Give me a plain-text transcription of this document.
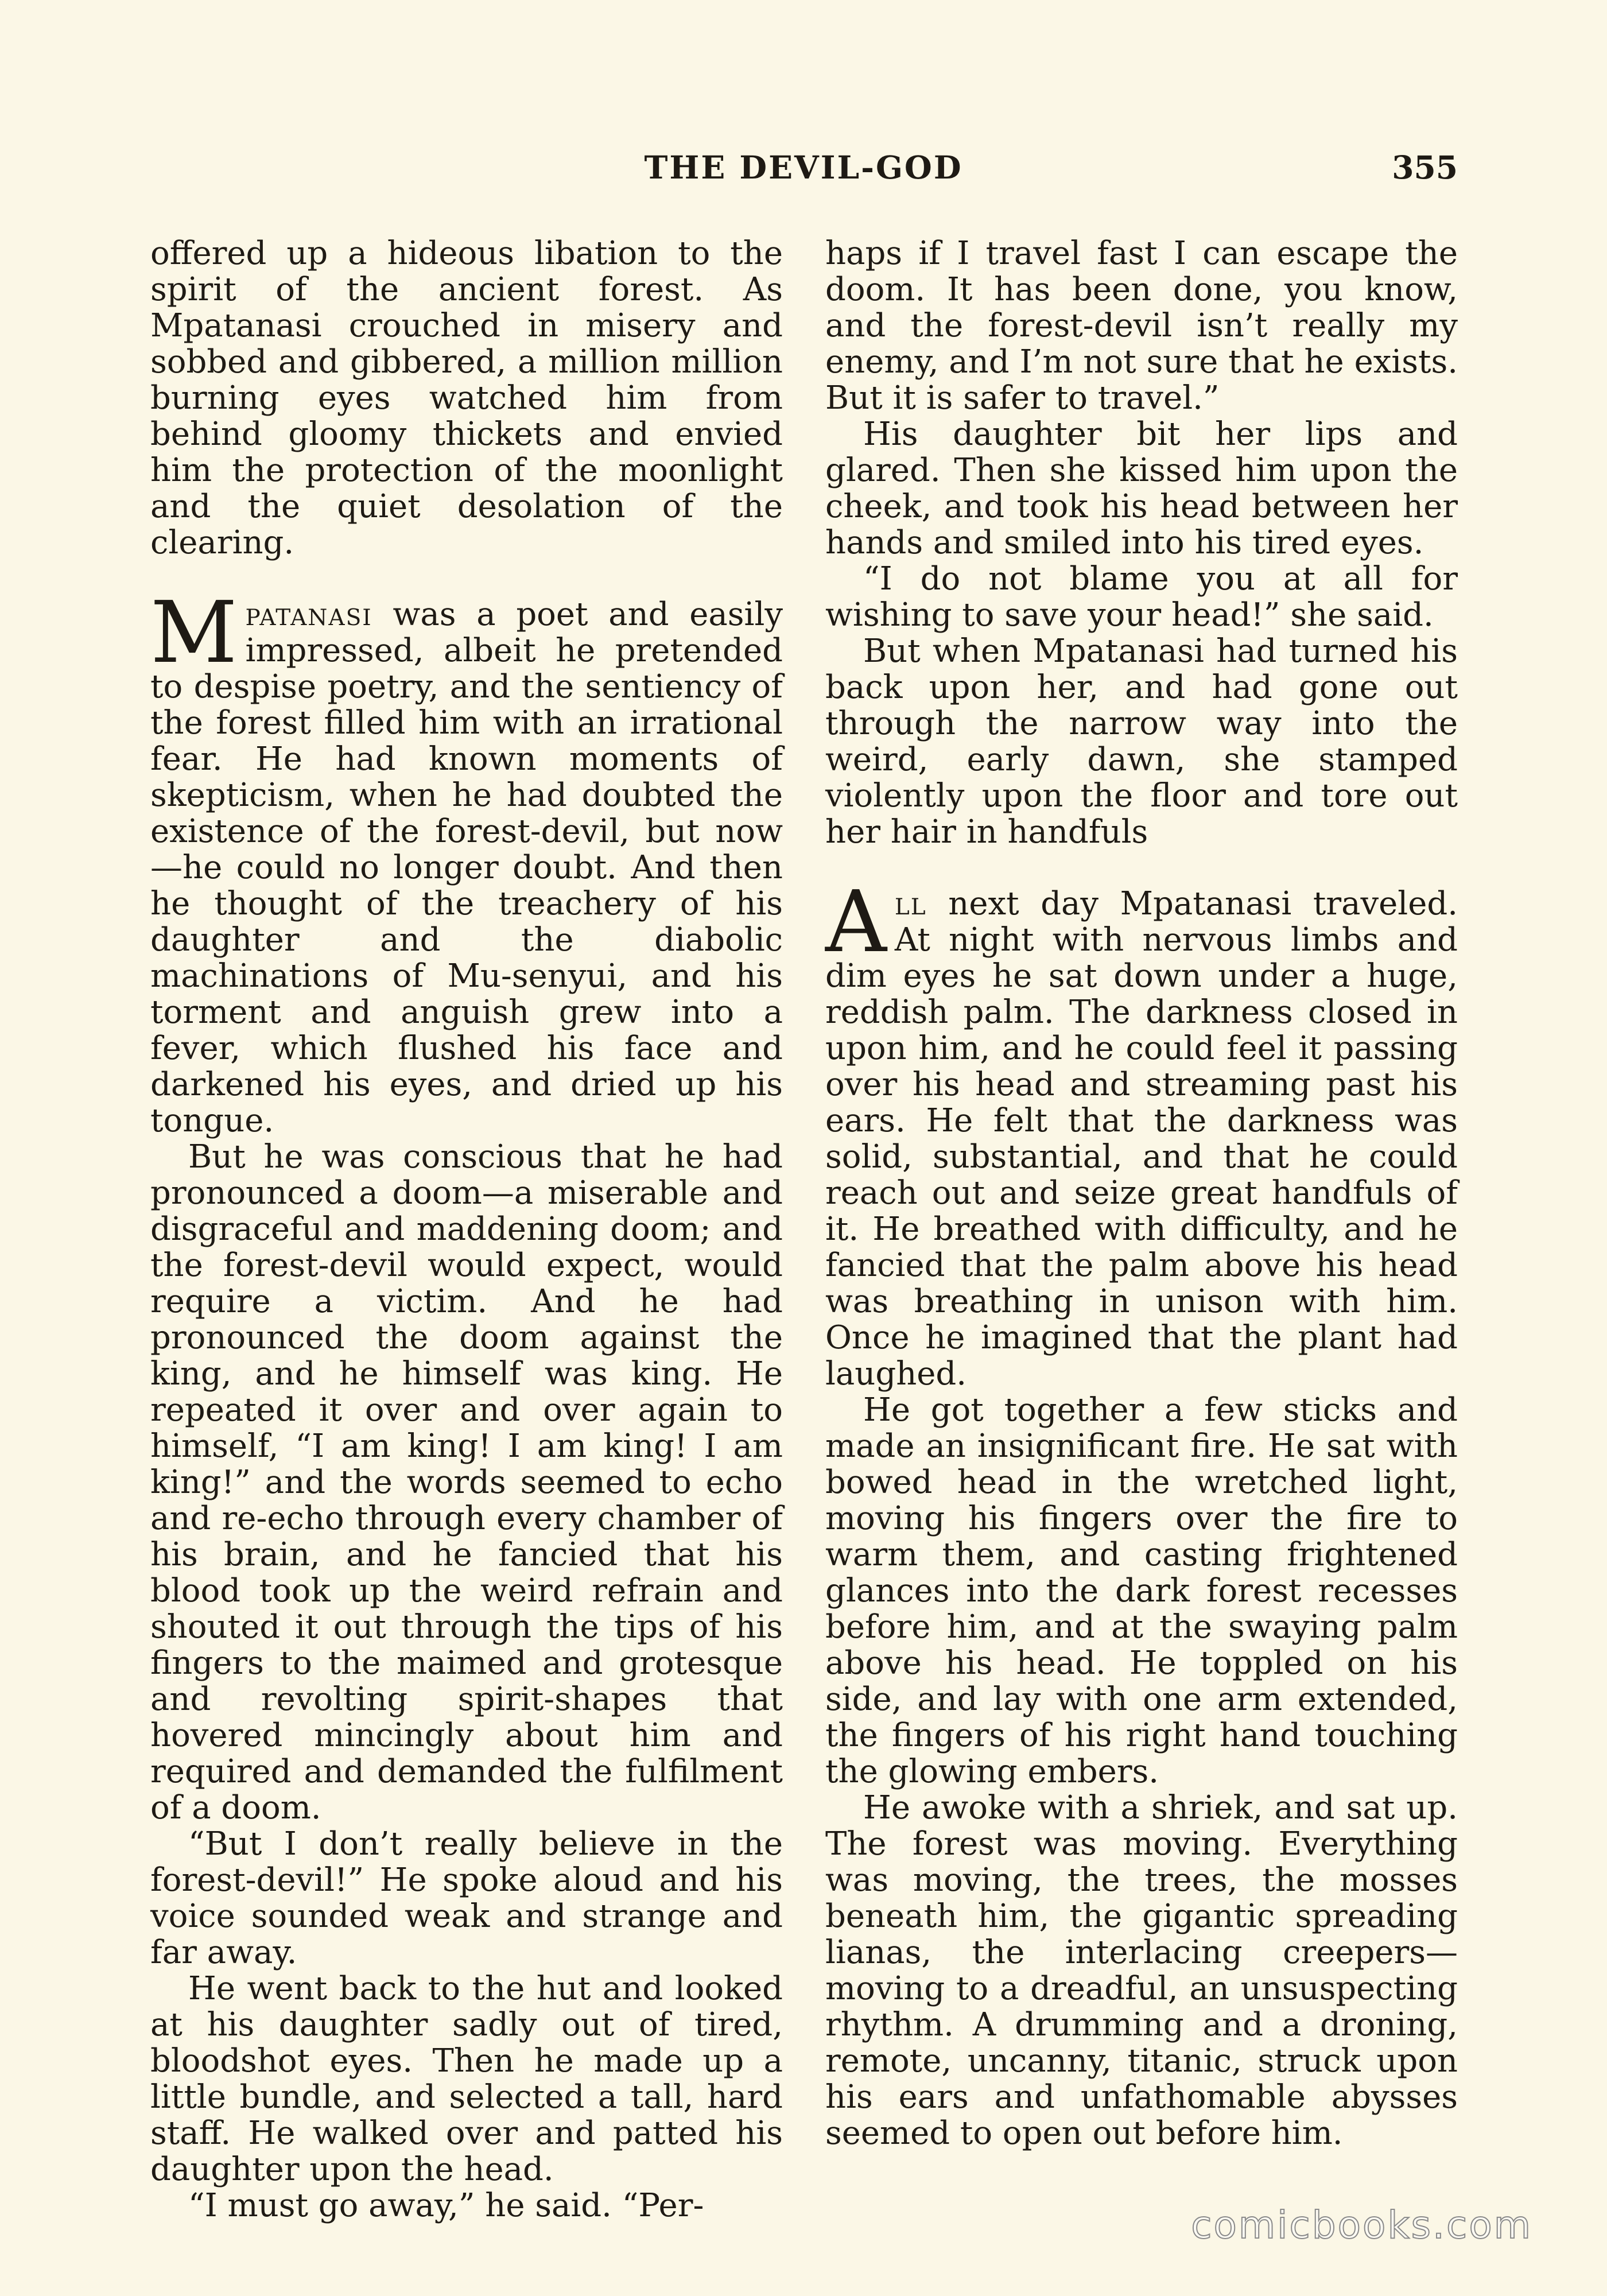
THE DEVIL-GOD	355

offered up a hideous libation to the spirit of the ancient forest. As Mpatanasi crouched in misery and sobbed and gibbered, a million million burning eyes watched him from behind gloomy thickets and envied him the protection of the moonlight and the quiet desolation of the clearing.

Mpatanasi was a poet and easily impressed, albeit he pretended to despise poetry, and the sentiency of the forest filled him with an irrational fear. He had known moments of skepticism, when he had doubted the existence of the forest-devil, but now—he could no longer doubt. And then he thought of the treachery of his daughter and the diabolic machinations of Mu-senyui, and his torment and anguish grew into a fever, which flushed his face and darkened his eyes, and dried up his tongue.

But he was conscious that he had pronounced a doom—a miserable and disgraceful and maddening doom; and the forest-devil would expect, would require a victim. And he had pronounced the doom against the king, and he himself was king. He repeated it over and over again to himself, “I am king! I am king! I am king!” and the words seemed to echo and re-echo through every chamber of his brain, and he fancied that his blood took up the weird refrain and shouted it out through the tips of his fingers to the maimed and grotesque and revolting spirit-shapes that hovered mincingly about him and required and demanded the fulfilment of a doom.

“But I don’t really believe in the forest-devil!” He spoke aloud and his voice sounded weak and strange and far away.

He went back to the hut and looked at his daughter sadly out of tired, bloodshot eyes. Then he made up a little bundle, and selected a tall, hard staff. He walked over and patted his daughter upon the head.

“I must go away,” he said. “Per-

haps if I travel fast I can escape the doom. It has been done, you know, and the forest-devil isn’t really my enemy, and I’m not sure that he exists. But it is safer to travel.”

His daughter bit her lips and glared. Then she kissed him upon the cheek, and took his head between her hands and smiled into his tired eyes.

“I do not blame you at all for wishing to save your head!” she said.

But when Mpatanasi had turned his back upon her, and had gone out through the narrow way into the weird, early dawn, she stamped violently upon the floor and tore out her hair in handfuls

All next day Mpatanasi traveled. At night with nervous limbs and dim eyes he sat down under a huge, reddish palm. The darkness closed in upon him, and he could feel it passing over his head and streaming past his ears. He felt that the darkness was solid, substantial, and that he could reach out and seize great handfuls of it. He breathed with difficulty, and he fancied that the palm above his head was breathing in unison with him. Once he imagined that the plant had laughed.

He got together a few sticks and made an insignificant fire. He sat with bowed head in the wretched light, moving his fingers over the fire to warm them, and casting frightened glances into the dark forest recesses before him, and at the swaying palm above his head. He toppled on his side, and lay with one arm extended, the fingers of his right hand touching the glowing embers.

He awoke with a shriek, and sat up. The forest was moving. Everything was moving, the trees, the mosses beneath him, the gigantic spreading lianas, the interlacing creepers—moving to a dreadful, an unsuspecting rhythm. A drumming and a droning, remote, uncanny, titanic, struck upon his ears and unfathomable abysses seemed to open out before him.

comicbooks.com
